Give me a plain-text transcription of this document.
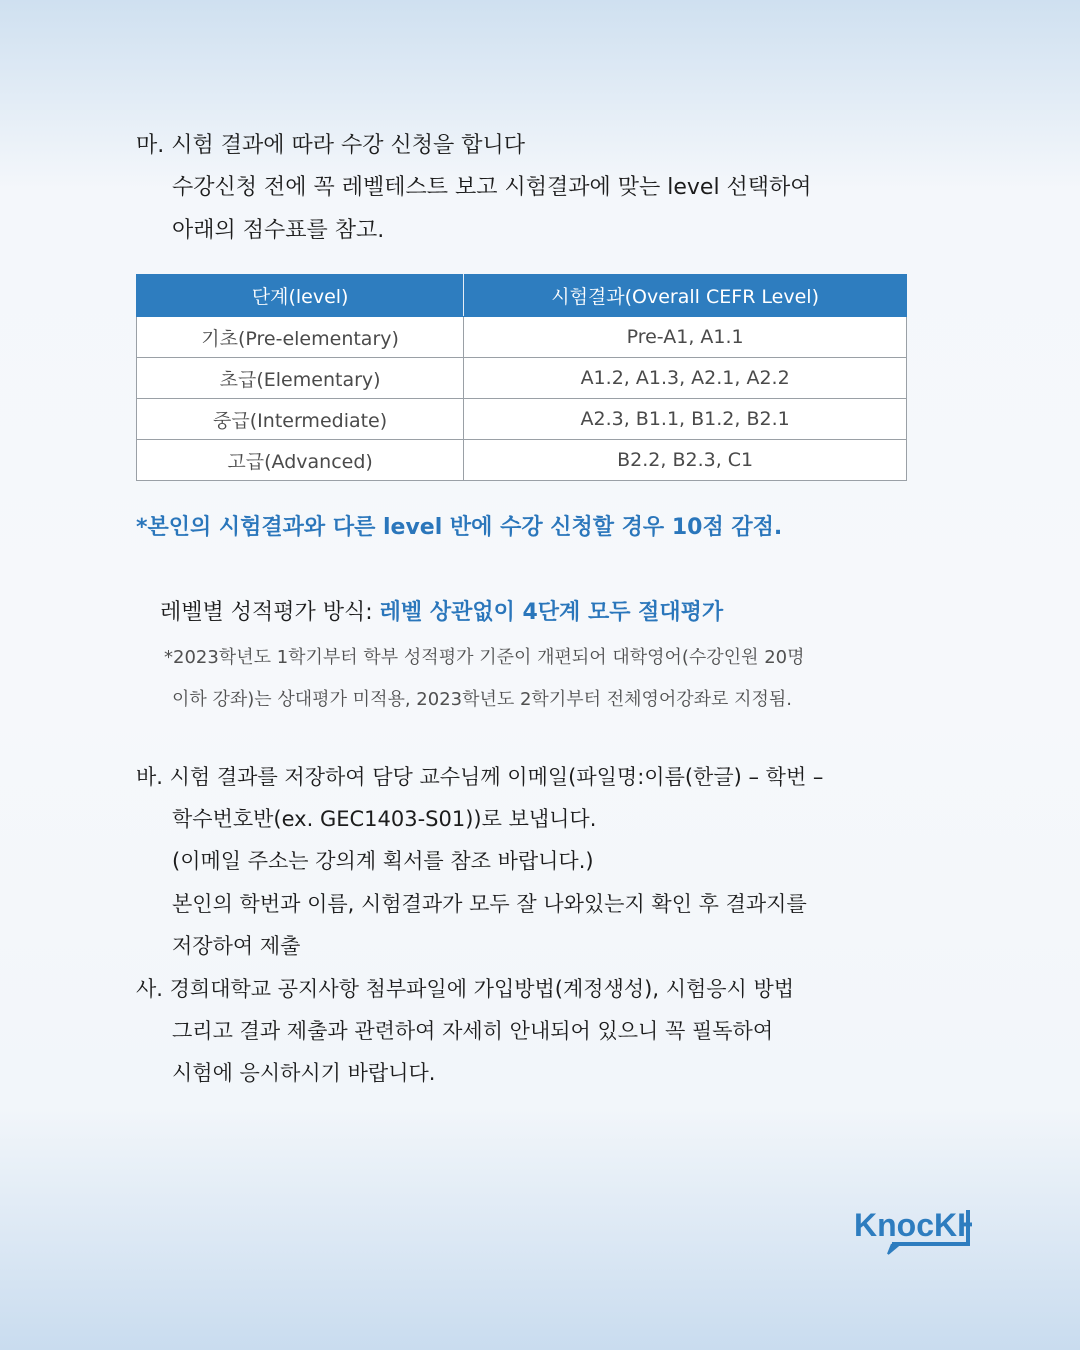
마. 시험 결과에 따라 수강 신청을 합니다
수강신청 전에 꼭 레벨테스트 보고 시험결과에 맞는 level 선택하여
아래의 점수표를 참고.
단계(level)	시험결과(Overall CEFR Level)
기초(Pre-elementary)	Pre-A1, A1.1
초급(Elementary)	A1.2, A1.3, A2.1, A2.2
중급(Intermediate)	A2.3, B1.1, B1.2, B2.1
고급(Advanced)	B2.2, B2.3, C1
*본인의 시험결과와 다른 level 반에 수강 신청할 경우 10점 감점.
레벨별 성적평가 방식: 레벨 상관없이 4단계 모두 절대평가
*2023학년도 1학기부터 학부 성적평가 기준이 개편되어 대학영어(수강인원 20명
이하 강좌)는 상대평가 미적용, 2023학년도 2학기부터 전체영어강좌로 지정됨.
바. 시험 결과를 저장하여 담당 교수님께 이메일(파일명:이름(한글) – 학번 –
학수번호반(ex. GEC1403-S01))로 보냅니다.
(이메일 주소는 강의계 획서를 참조 바랍니다.)
본인의 학번과 이름, 시험결과가 모두 잘 나와있는지 확인 후 결과지를
저장하여 제출
사. 경희대학교 공지사항 첨부파일에 가입방법(계정생성), 시험응시 방법
그리고 결과 제출과 관련하여 자세히 안내되어 있으니 꼭 필독하여
시험에 응시하시기 바랍니다.
KnocKH
